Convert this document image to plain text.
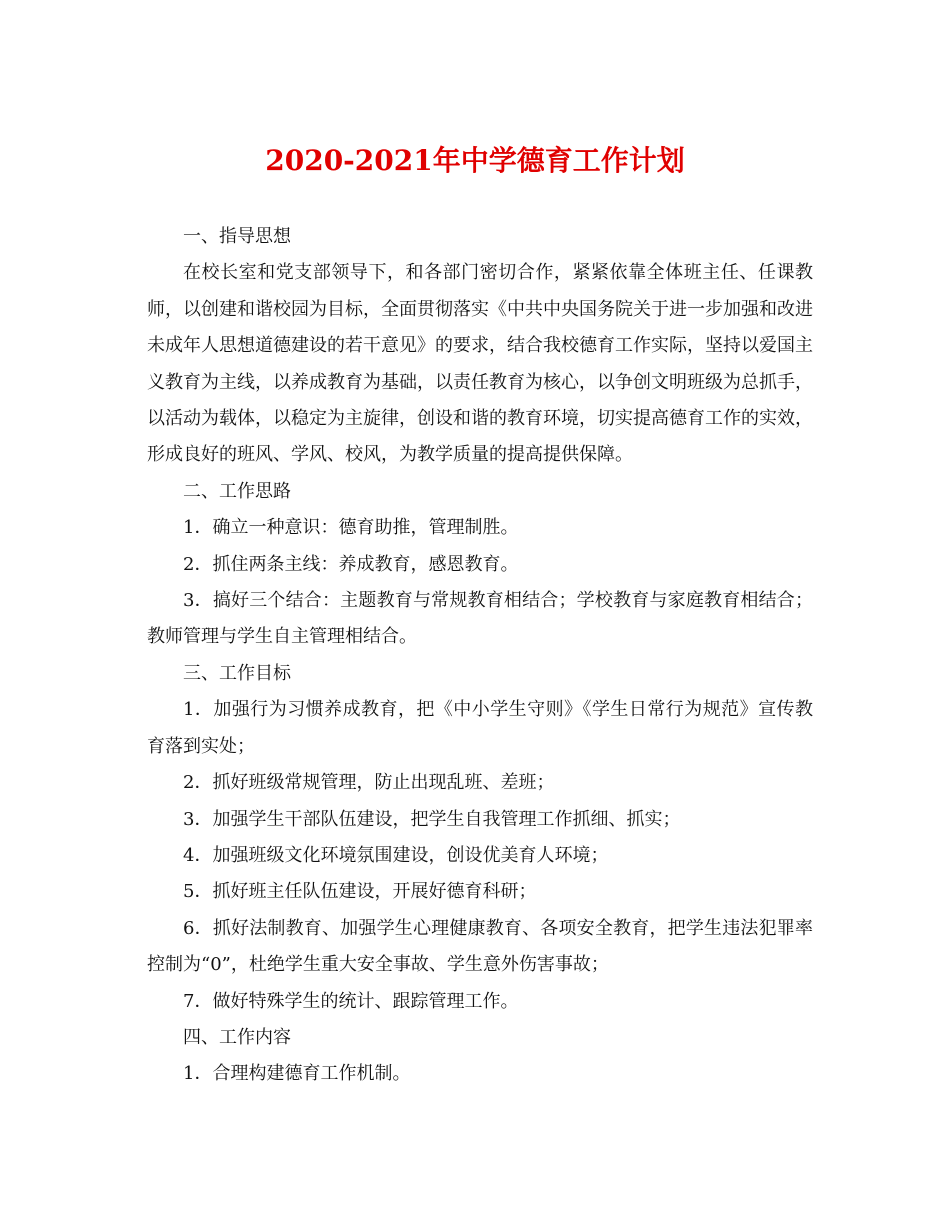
2020-2021年中学德育工作计划

一、指导思想

在校长室和党支部领导下，和各部门密切合作，紧紧依靠全体班主任、任课教师，以创建和谐校园为目标，全面贯彻落实《中共中央国务院关于进一步加强和改进未成年人思想道德建设的若干意见》的要求，结合我校德育工作实际，坚持以爱国主义教育为主线，以养成教育为基础，以责任教育为核心，以争创文明班级为总抓手，以活动为载体，以稳定为主旋律，创设和谐的教育环境，切实提高德育工作的实效，形成良好的班风、学风、校风，为教学质量的提高提供保障。

二、工作思路

1．确立一种意识：德育助推，管理制胜。

2．抓住两条主线：养成教育，感恩教育。

3．搞好三个结合：主题教育与常规教育相结合；学校教育与家庭教育相结合；教师管理与学生自主管理相结合。

三、工作目标

1．加强行为习惯养成教育，把《中小学生守则》《学生日常行为规范》宣传教育落到实处；

2．抓好班级常规管理，防止出现乱班、差班；

3．加强学生干部队伍建设，把学生自我管理工作抓细、抓实；

4．加强班级文化环境氛围建设，创设优美育人环境；

5．抓好班主任队伍建设，开展好德育科研；

6．抓好法制教育、加强学生心理健康教育、各项安全教育，把学生违法犯罪率控制为“0”，杜绝学生重大安全事故、学生意外伤害事故；

7．做好特殊学生的统计、跟踪管理工作。

四、工作内容

1．合理构建德育工作机制。
